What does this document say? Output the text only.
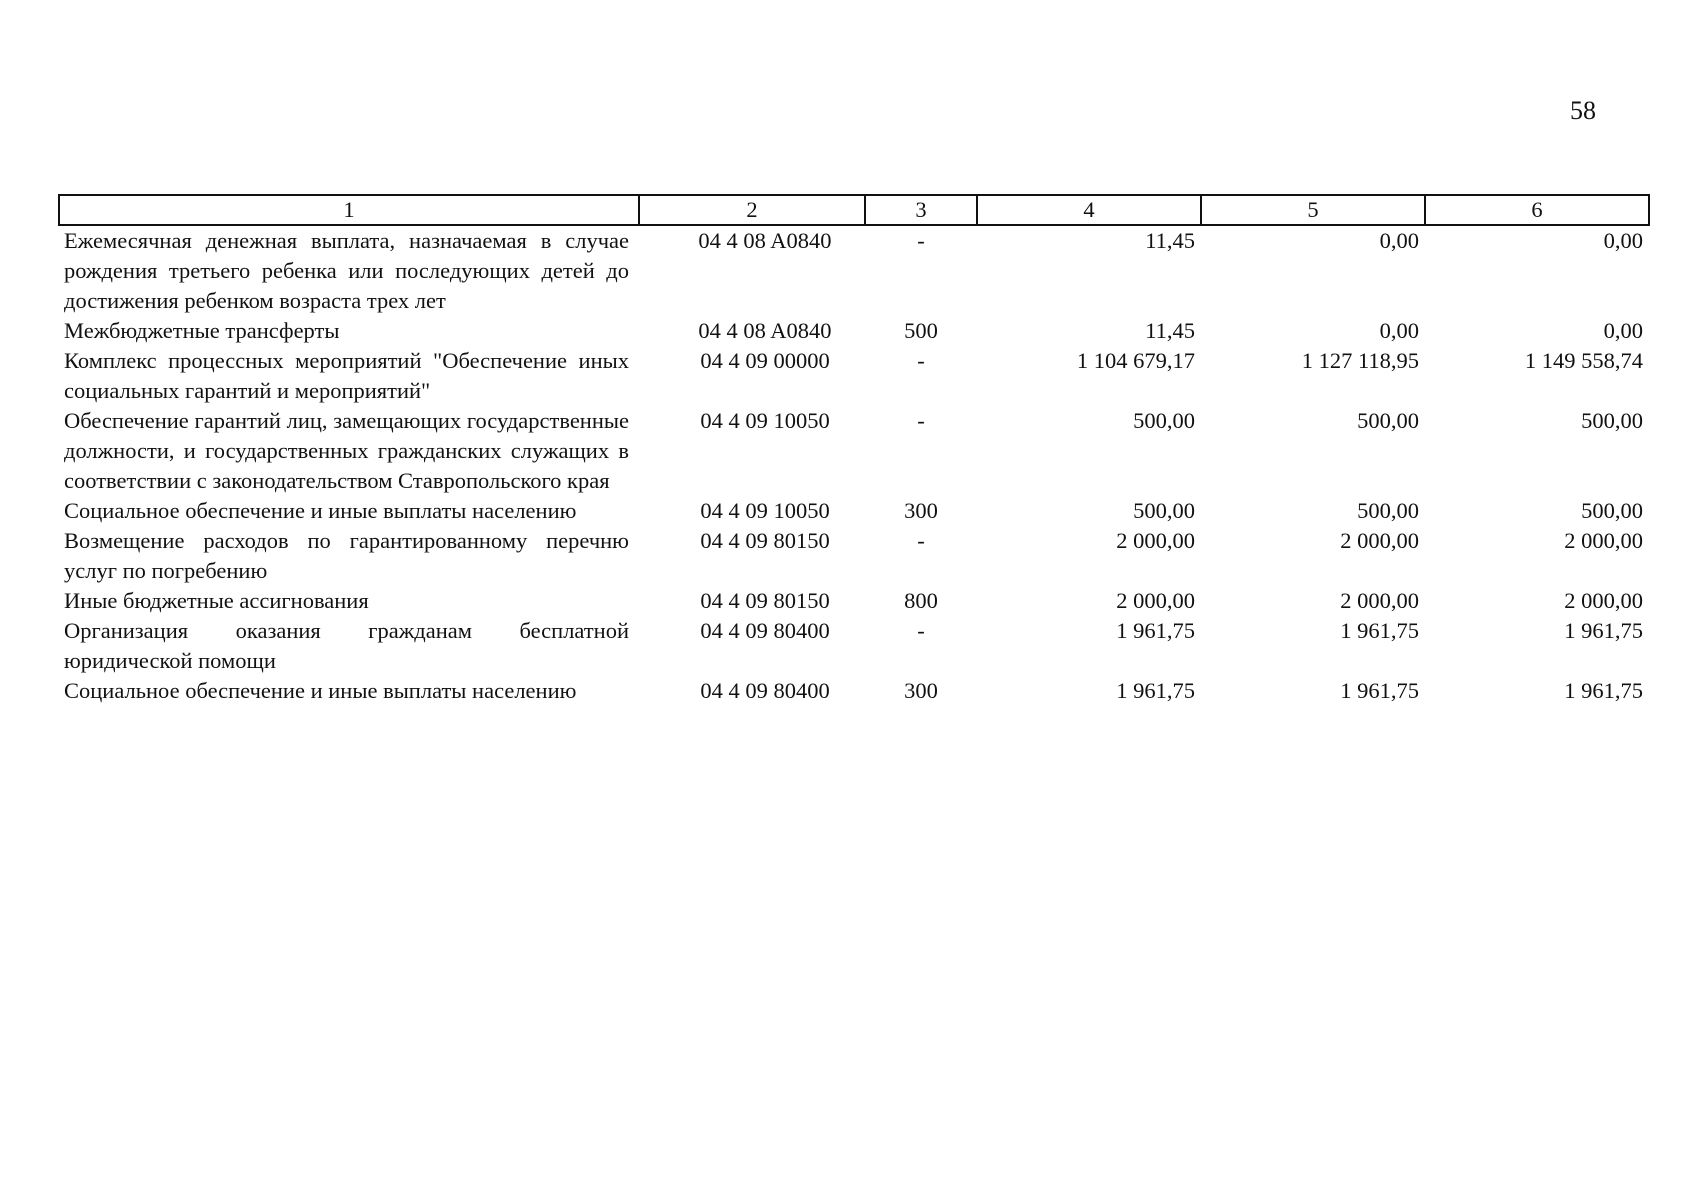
58
1	2	3	4	5	6
Ежемесячная денежная выплата, назначаемая в случае рождения третьего ребенка или последующих детей до достижения ребенком возраста трех лет	04 4 08 A0840	-	11,45	0,00	0,00
Межбюджетные трансферты	04 4 08 A0840	500	11,45	0,00	0,00
Комплекс процессных мероприятий "Обеспечение иных социальных гарантий и мероприятий"	04 4 09 00000	-	1 104 679,17	1 127 118,95	1 149 558,74
Обеспечение гарантий лиц, замещающих государственные должности, и государственных гражданских служащих в соответствии с законодательством Ставропольского края	04 4 09 10050	-	500,00	500,00	500,00
Социальное обеспечение и иные выплаты населению	04 4 09 10050	300	500,00	500,00	500,00
Возмещение расходов по гарантированному перечню услуг по погребению	04 4 09 80150	-	2 000,00	2 000,00	2 000,00
Иные бюджетные ассигнования	04 4 09 80150	800	2 000,00	2 000,00	2 000,00
Организация оказания гражданам бесплатной юридической помощи	04 4 09 80400	-	1 961,75	1 961,75	1 961,75
Социальное обеспечение и иные выплаты населению	04 4 09 80400	300	1 961,75	1 961,75	1 961,75
